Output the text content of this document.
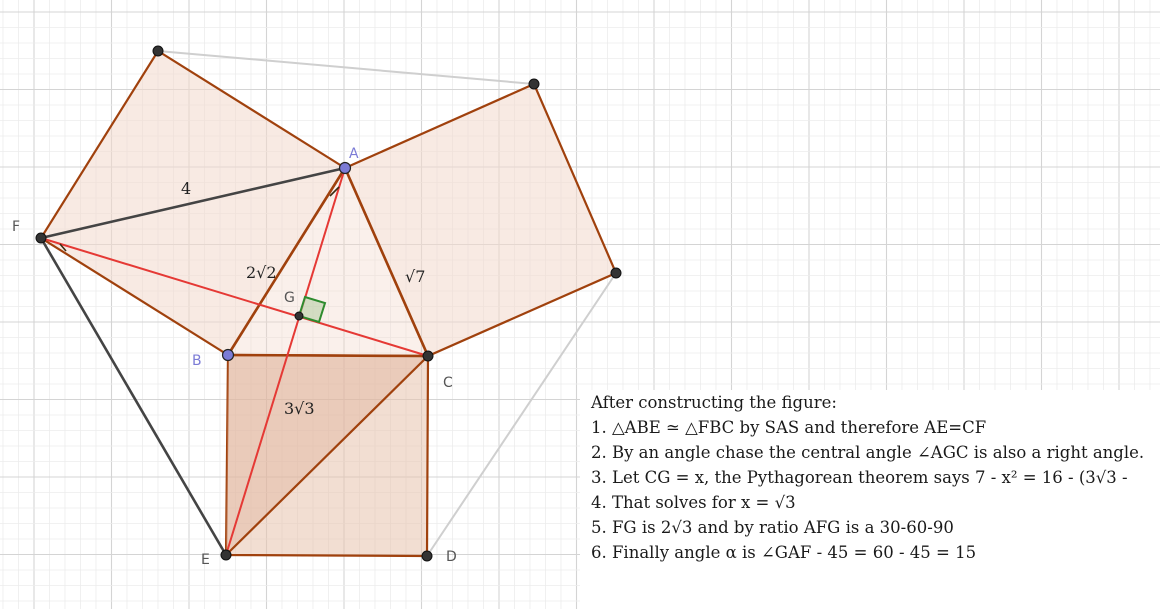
A
B
C
D
E
F
G
4
2√2	√7
3√3	After constructing the figure:
1. △ABE ≃ △FBC by SAS and therefore AE=CF
2. By an angle chase the central angle ∠AGC is also a right angle.
3. Let CG = x, the Pythagorean theorem says 7 - x² = 16 - (3√3 -
4. That solves for x = √3
5. FG is 2√3 and by ratio AFG is a 30-60-90
6. Finally angle α is ∠GAF - 45 = 60 - 45 = 15
